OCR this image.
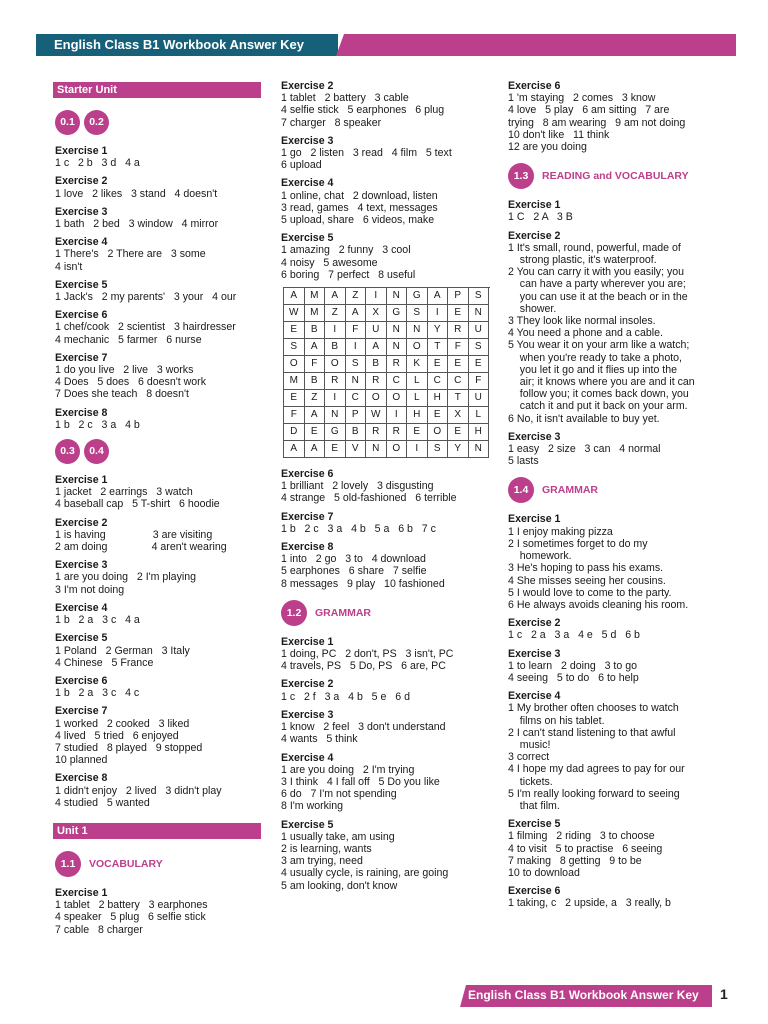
English Class B1 Workbook Answer Key
Starter Unit
0.1	0.2
Exercise 1
1 c   2 b   3 d   4 a
Exercise 2
1 love   2 likes   3 stand   4 doesn't
Exercise 3
1 bath   2 bed   3 window   4 mirror
Exercise 4
1 There's   2 There are   3 some
4 isn't
Exercise 5
1 Jack's   2 my parents'   3 your   4 our
Exercise 6
1 chef/cook   2 scientist   3 hairdresser
4 mechanic   5 farmer   6 nurse
Exercise 7
1 do you live   2 live   3 works
4 Does   5 does   6 doesn't work
7 Does she teach   8 doesn't
Exercise 8
1 b   2 c   3 a   4 b
0.3	0.4
Exercise 1
1 jacket   2 earrings   3 watch
4 baseball cap   5 T-shirt   6 hoodie
Exercise 2
1 is having                3 are visiting
2 am doing               4 aren't wearing
Exercise 3
1 are you doing   2 I'm playing
3 I'm not doing
Exercise 4
1 b   2 a   3 c   4 a
Exercise 5
1 Poland   2 German   3 Italy
4 Chinese   5 France
Exercise 6
1 b   2 a   3 c   4 c
Exercise 7
1 worked   2 cooked   3 liked
4 lived   5 tried   6 enjoyed
7 studied   8 played   9 stopped
10 planned
Exercise 8
1 didn't enjoy   2 lived   3 didn't play
4 studied   5 wanted
Unit 1
1.1	VOCABULARY
Exercise 1
1 tablet   2 battery   3 earphones
4 speaker   5 plug   6 selfie stick
7 cable   8 charger
Exercise 2
1 tablet   2 battery   3 cable
4 selfie stick   5 earphones   6 plug
7 charger   8 speaker
Exercise 3
1 go   2 listen   3 read   4 film   5 text
6 upload
Exercise 4
1 online, chat   2 download, listen
3 read, games   4 text, messages
5 upload, share   6 videos, make
Exercise 5
1 amazing   2 funny   3 cool
4 noisy   5 awesome
6 boring   7 perfect   8 useful
A	M	A	Z	I	N	G	A	P	S
W	M	Z	A	X	G	S	I	E	N
E	B	I	F	U	N	N	Y	R	U
S	A	B	I	A	N	O	T	F	S
O	F	O	S	B	R	K	E	E	E
M	B	R	N	R	C	L	C	C	F
E	Z	I	C	O	O	L	H	T	U
F	A	N	P	W	I	H	E	X	L
D	E	G	B	R	R	E	O	E	H
A	A	E	V	N	O	I	S	Y	N
Exercise 6
1 brilliant   2 lovely   3 disgusting
4 strange   5 old-fashioned   6 terrible
Exercise 7
1 b   2 c   3 a   4 b   5 a   6 b   7 c
Exercise 8
1 into   2 go   3 to   4 download
5 earphones   6 share   7 selfie
8 messages   9 play   10 fashioned
1.2	GRAMMAR
Exercise 1
1 doing, PC   2 don't, PS   3 isn't, PC
4 travels, PS   5 Do, PS   6 are, PC
Exercise 2
1 c   2 f   3 a   4 b   5 e   6 d
Exercise 3
1 know   2 feel   3 don't understand
4 wants   5 think
Exercise 4
1 are you doing   2 I'm trying
3 I think   4 I fall off   5 Do you like
6 do   7 I'm not spending
8 I'm working
Exercise 5
1 usually take, am using
2 is learning, wants
3 am trying, need
4 usually cycle, is raining, are going
5 am looking, don't know
Exercise 6
1 'm staying   2 comes   3 know
4 love   5 play   6 am sitting   7 are
trying   8 am wearing   9 am not doing
10 don't like   11 think
12 are you doing
1.3	READING and VOCABULARY
Exercise 1
1 C   2 A   3 B
Exercise 2
1 It's small, round, powerful, made of
strong plastic, it's waterproof.
2 You can carry it with you easily; you
can have a party wherever you are;
you can use it at the beach or in the
shower.
3 They look like normal insoles.
4 You need a phone and a cable.
5 You wear it on your arm like a watch;
when you're ready to take a photo,
you let it go and it flies up into the
air; it knows where you are and it can
follow you; it comes back down, you
catch it and put it back on your arm.
6 No, it isn't available to buy yet.
Exercise 3
1 easy   2 size   3 can   4 normal
5 lasts
1.4	GRAMMAR
Exercise 1
1 I enjoy making pizza
2 I sometimes forget to do my
homework.
3 He's hoping to pass his exams.
4 She misses seeing her cousins.
5 I would love to come to the party.
6 He always avoids cleaning his room.
Exercise 2
1 c   2 a   3 a   4 e   5 d   6 b
Exercise 3
1 to learn   2 doing   3 to go
4 seeing   5 to do   6 to help
Exercise 4
1 My brother often chooses to watch
films on his tablet.
2 I can't stand listening to that awful
music!
3 correct
4 I hope my dad agrees to pay for our
tickets.
5 I'm really looking forward to seeing
that film.
Exercise 5
1 filming   2 riding   3 to choose
4 to visit   5 to practise   6 seeing
7 making   8 getting   9 to be
10 to download
Exercise 6
1 taking, c   2 upside, a   3 really, b
English Class B1 Workbook Answer Key 1
